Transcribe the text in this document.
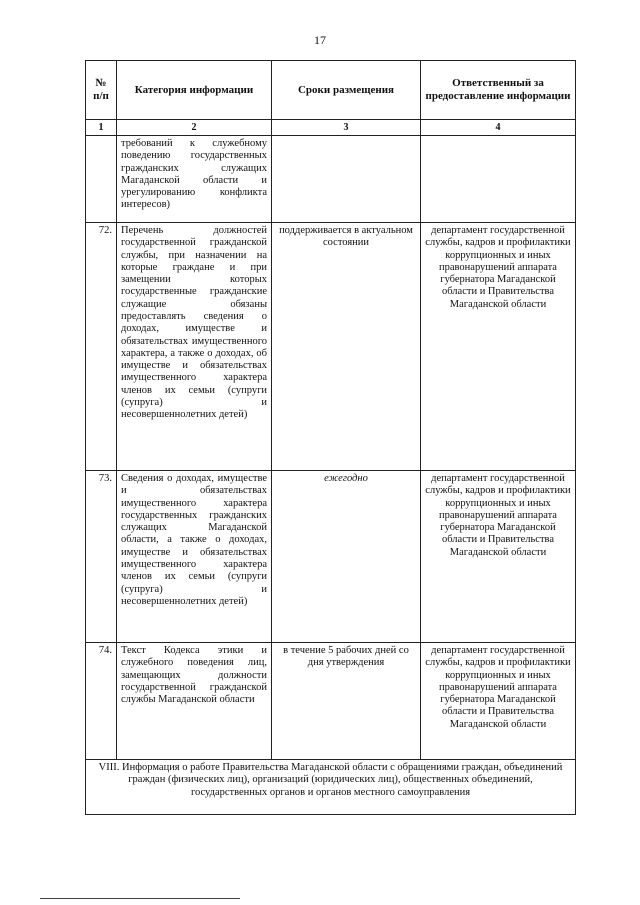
17
№ п/п	Категория информации	Сроки размещения	Ответственный за предоставление информации
1	2	3	4
	требований к служебному поведению государственных гражданских служащих Магаданской области и урегулированию конфликта интересов)		
72.	Перечень должностей государственной гражданской службы, при назначении на которые граждане и при замещении которых государственные гражданские служащие обязаны предоставлять сведения о доходах, имуществе и обязательствах имущественного характера, а также о доходах, об имуществе и обязательствах имущественного характера членов их семьи (супруги (супруга) и несовершеннолетних детей)	поддерживается в актуальном состоянии	департамент государственной службы, кадров и профилактики коррупционных и иных правонарушений аппарата губернатора Магаданской области и Правительства Магаданской области
73.	Сведения о доходах, имуществе и обязательствах имущественного характера государственных гражданских служащих Магаданской области, а также о доходах, имуществе и обязательствах имущественного характера членов их семьи (супруги (супруга) и несовершеннолетних детей)	ежегодно	департамент государственной службы, кадров и профилактики коррупционных и иных правонарушений аппарата губернатора Магаданской области и Правительства Магаданской области
74.	Текст Кодекса этики и служебного поведения лиц, замещающих должности государственной гражданской службы Магаданской области	в течение 5 рабочих дней со дня утверждения	департамент государственной службы, кадров и профилактики коррупционных и иных правонарушений аппарата губернатора Магаданской области и Правительства Магаданской области
VIII. Информация о работе Правительства Магаданской области с обращениями граждан, объединений граждан (физических лиц), организаций (юридических лиц), общественных объединений, государственных органов и органов местного самоуправления			
